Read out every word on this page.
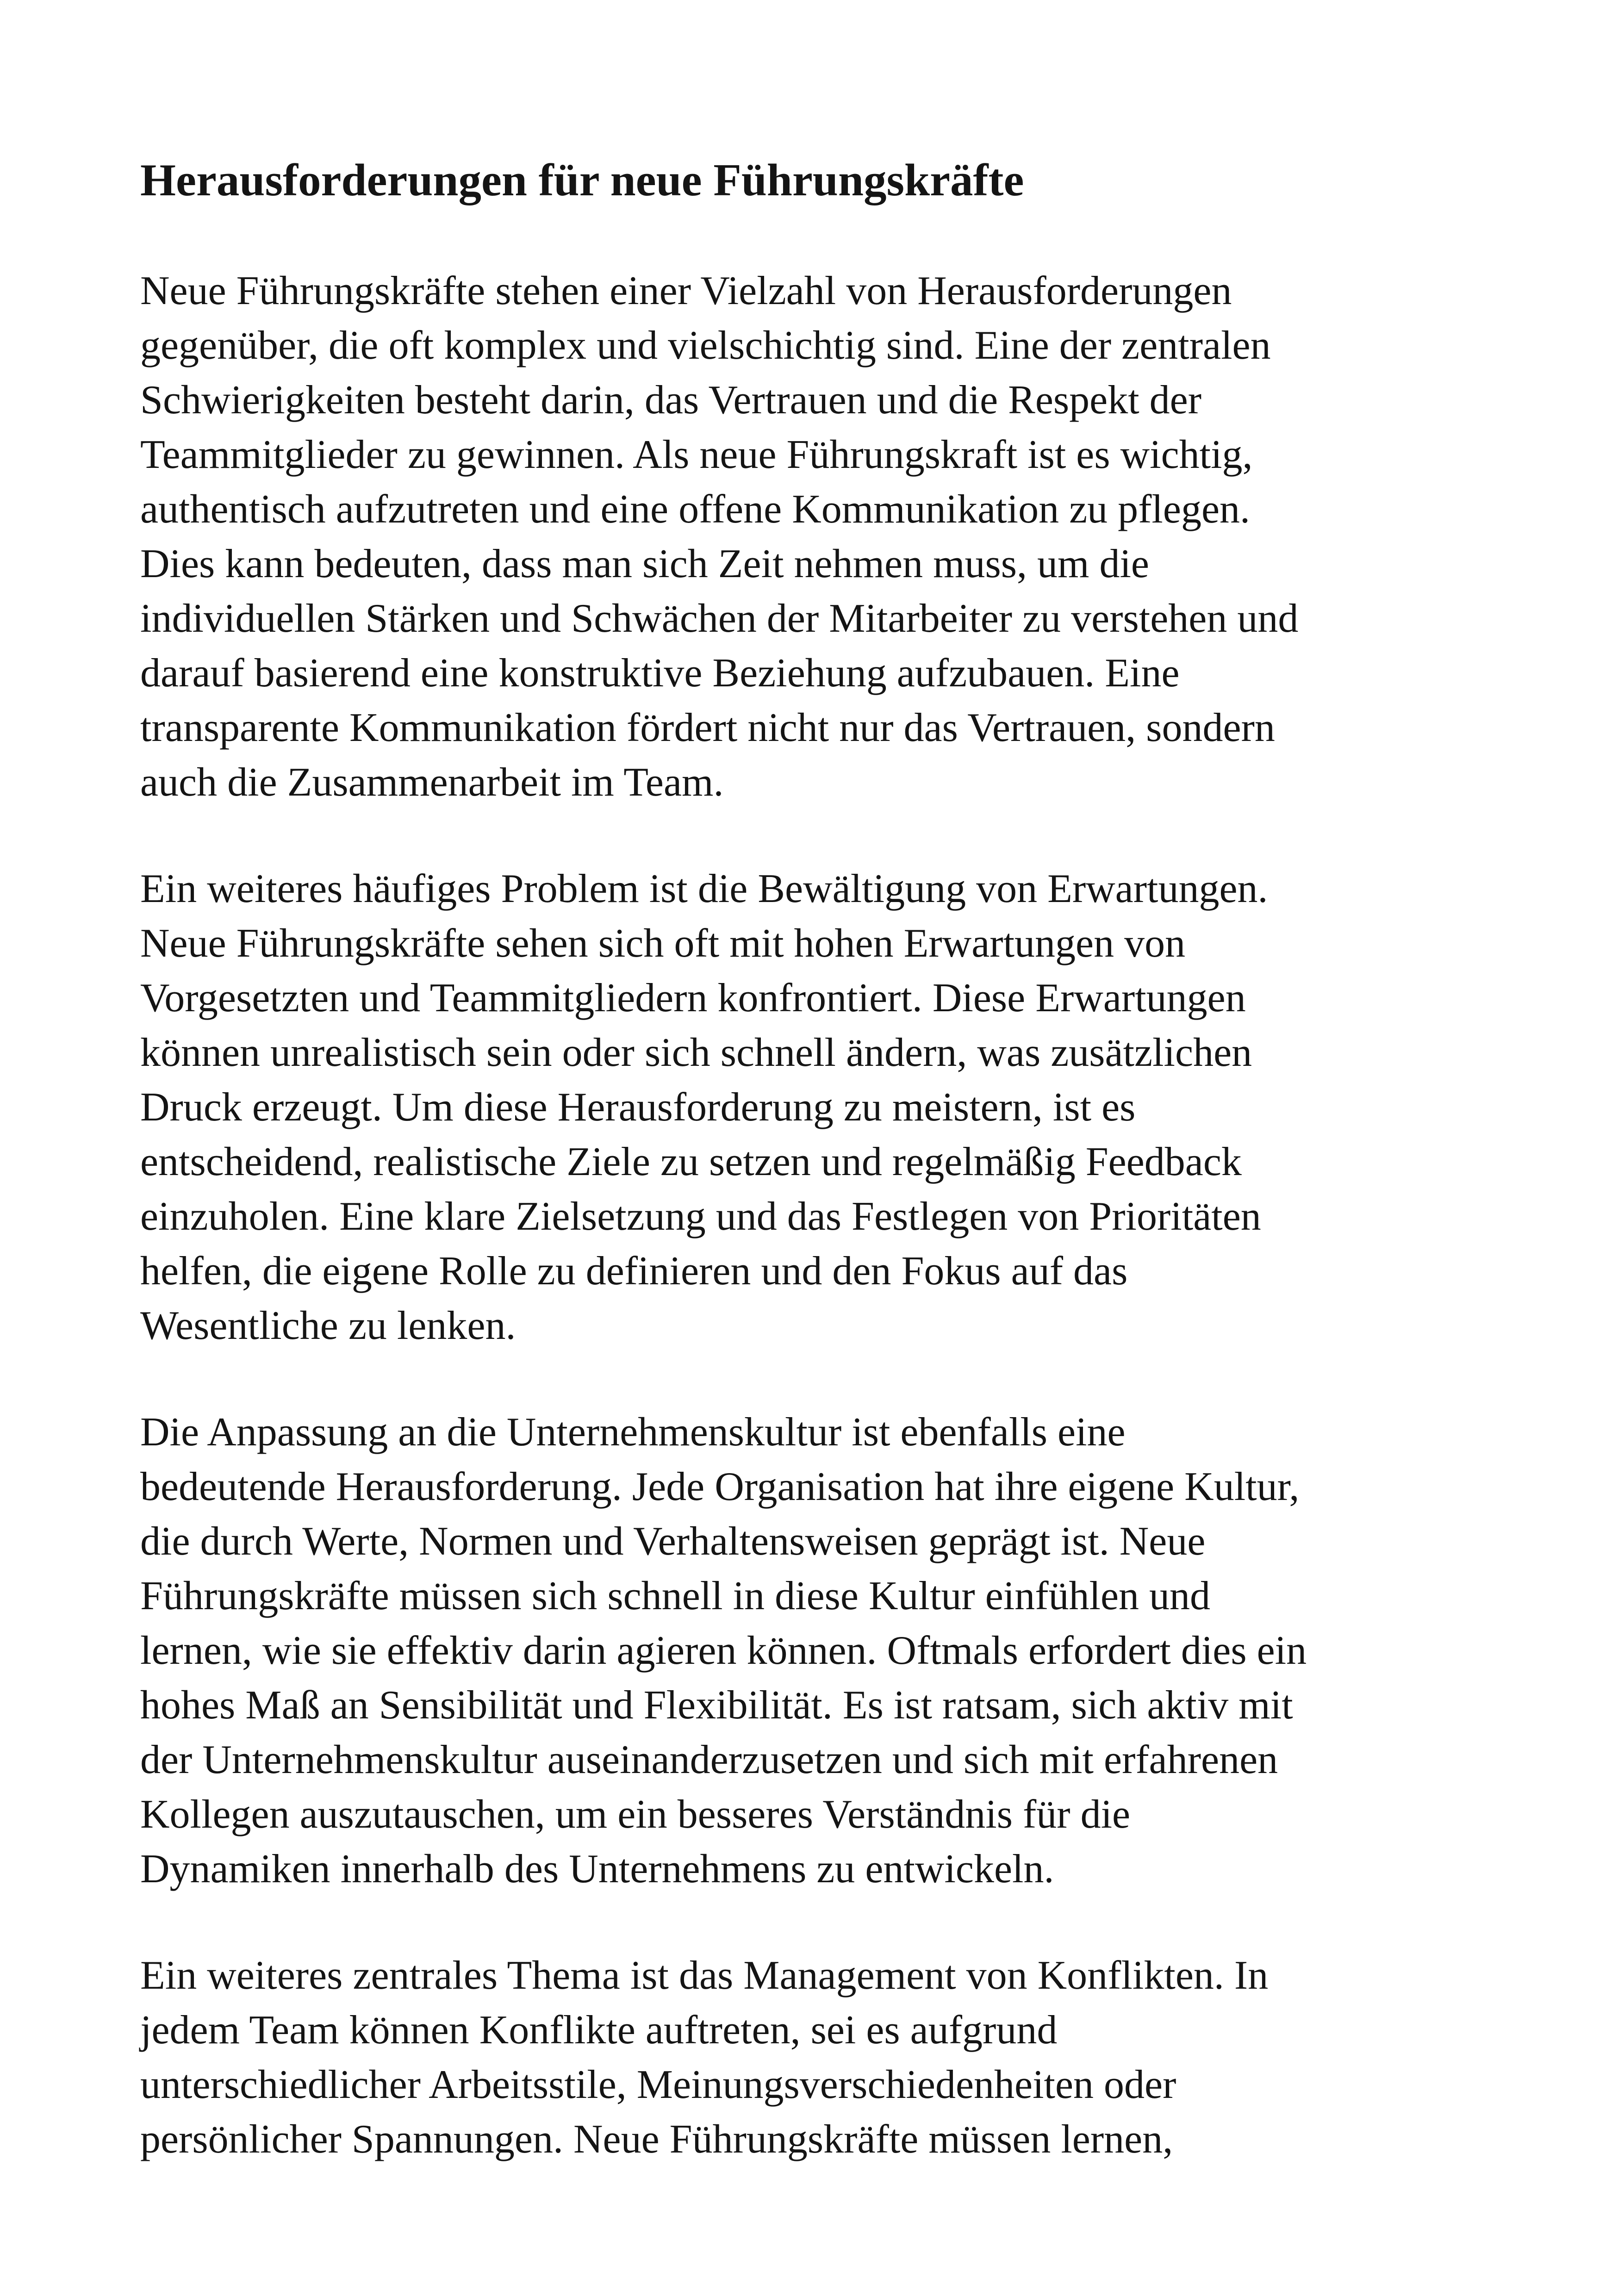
Herausforderungen für neue Führungskräfte

Neue Führungskräfte stehen einer Vielzahl von Herausforderungen
gegenüber, die oft komplex und vielschichtig sind. Eine der zentralen
Schwierigkeiten besteht darin, das Vertrauen und die Respekt der
Teammitglieder zu gewinnen. Als neue Führungskraft ist es wichtig,
authentisch aufzutreten und eine offene Kommunikation zu pflegen.
Dies kann bedeuten, dass man sich Zeit nehmen muss, um die
individuellen Stärken und Schwächen der Mitarbeiter zu verstehen und
darauf basierend eine konstruktive Beziehung aufzubauen. Eine
transparente Kommunikation fördert nicht nur das Vertrauen, sondern
auch die Zusammenarbeit im Team.

Ein weiteres häufiges Problem ist die Bewältigung von Erwartungen.
Neue Führungskräfte sehen sich oft mit hohen Erwartungen von
Vorgesetzten und Teammitgliedern konfrontiert. Diese Erwartungen
können unrealistisch sein oder sich schnell ändern, was zusätzlichen
Druck erzeugt. Um diese Herausforderung zu meistern, ist es
entscheidend, realistische Ziele zu setzen und regelmäßig Feedback
einzuholen. Eine klare Zielsetzung und das Festlegen von Prioritäten
helfen, die eigene Rolle zu definieren und den Fokus auf das
Wesentliche zu lenken.

Die Anpassung an die Unternehmenskultur ist ebenfalls eine
bedeutende Herausforderung. Jede Organisation hat ihre eigene Kultur,
die durch Werte, Normen und Verhaltensweisen geprägt ist. Neue
Führungskräfte müssen sich schnell in diese Kultur einfühlen und
lernen, wie sie effektiv darin agieren können. Oftmals erfordert dies ein
hohes Maß an Sensibilität und Flexibilität. Es ist ratsam, sich aktiv mit
der Unternehmenskultur auseinanderzusetzen und sich mit erfahrenen
Kollegen auszutauschen, um ein besseres Verständnis für die
Dynamiken innerhalb des Unternehmens zu entwickeln.

Ein weiteres zentrales Thema ist das Management von Konflikten. In
jedem Team können Konflikte auftreten, sei es aufgrund
unterschiedlicher Arbeitsstile, Meinungsverschiedenheiten oder
persönlicher Spannungen. Neue Führungskräfte müssen lernen,
